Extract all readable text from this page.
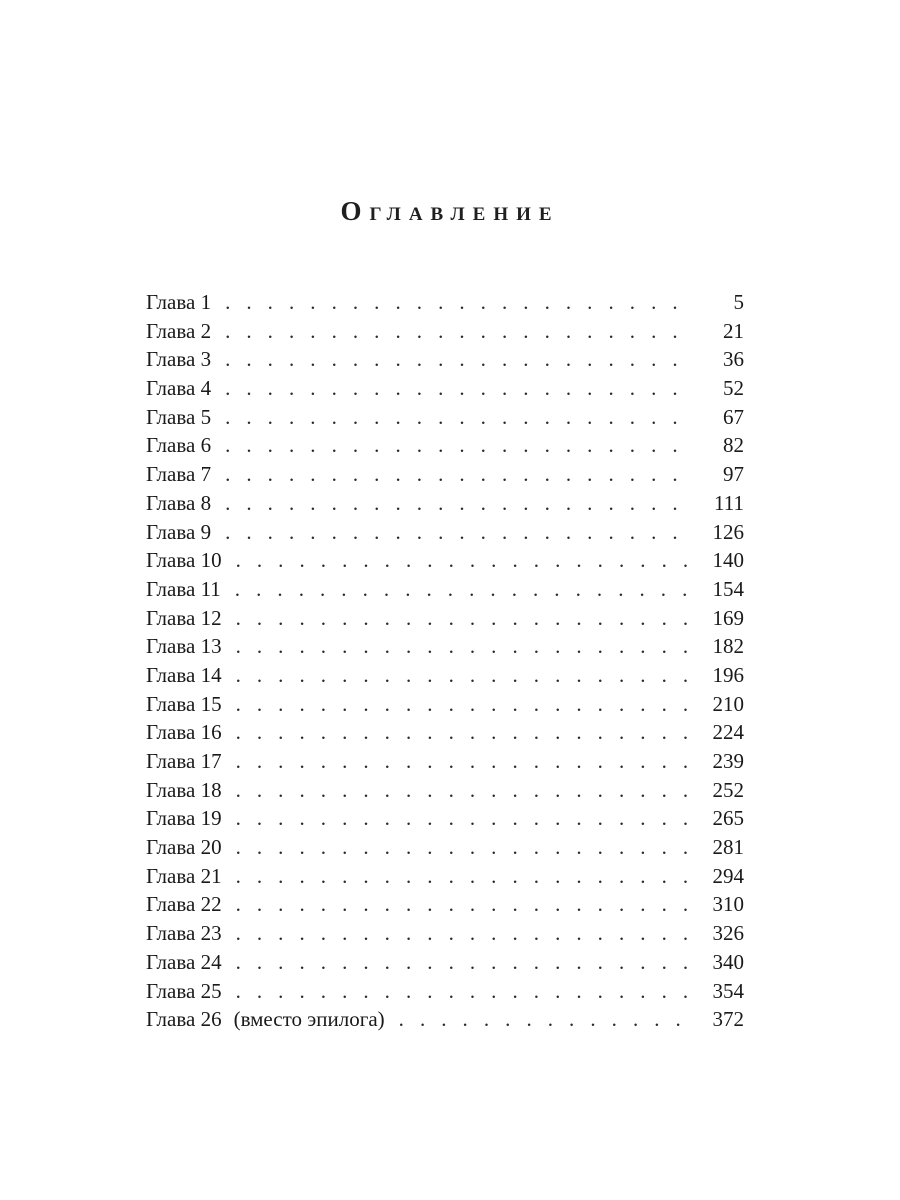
Оглавление
Глава 1 . . .	5
Глава 2 . . .	21
Глава 3 . . .	36
Глава 4 . . .	52
Глава 5 . . .	67
Глава 6 . . .	82
Глава 7 . . .	97
Глава 8 . . .	111
Глава 9 . . .	126
Глава 10 . . .	140
Глава 11 . . .	154
Глава 12 . . .	169
Глава 13 . . .	182
Глава 14 . . .	196
Глава 15 . . .	210
Глава 16 . . .	224
Глава 17 . . .	239
Глава 18 . . .	252
Глава 19 . . .	265
Глава 20 . . .	281
Глава 21 . . .	294
Глава 22 . . .	310
Глава 23 . . .	326
Глава 24 . . .	340
Глава 25 . . .	354
Глава 26 (вместо эпилога) . . .	372
